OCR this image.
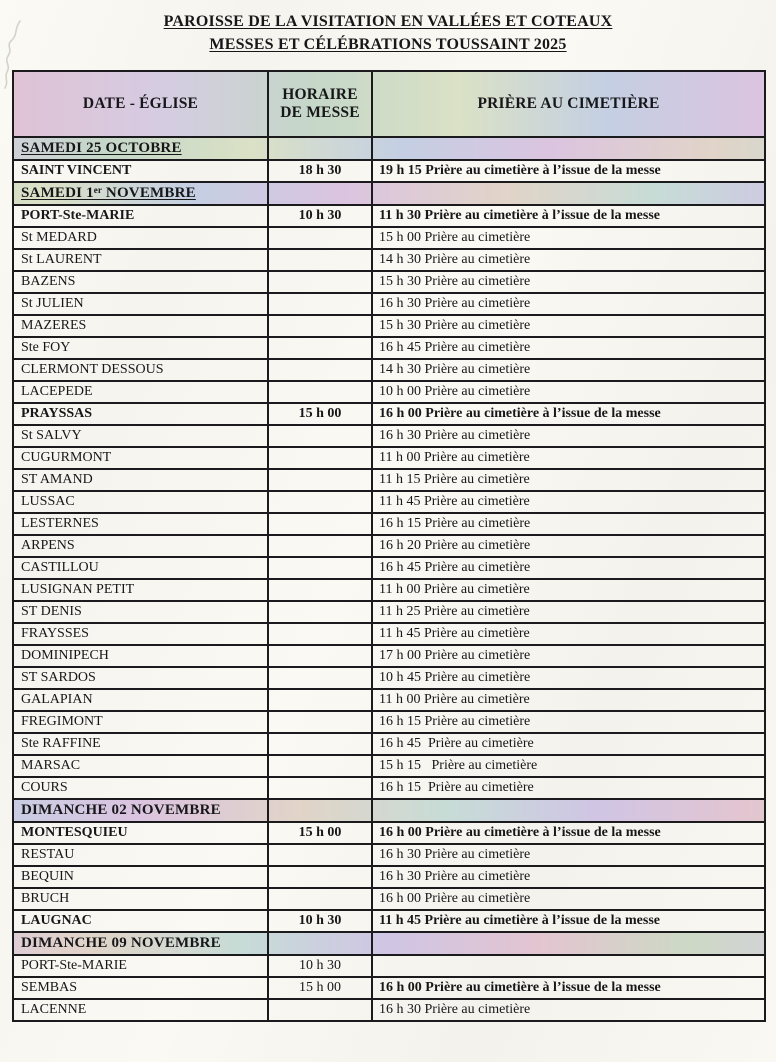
PAROISSE DE LA VISITATION EN VALLÉES ET COTEAUX
MESSES ET CÉLÉBRATIONS TOUSSAINT 2025
DATE - ÉGLISE	HORAIRE DE MESSE	PRIÈRE AU CIMETIÈRE
SAMEDI 25 OCTOBRE		
SAINT VINCENT	18 h 30	19 h 15 Prière au cimetière à l’issue de la messe
SAMEDI 1ᵉʳ NOVEMBRE		
PORT-Ste-MARIE	10 h 30	11 h 30 Prière au cimetière à l’issue de la messe
St MEDARD		15 h 00 Prière au cimetière
St LAURENT		14 h 30 Prière au cimetière
BAZENS		15 h 30 Prière au cimetière
St JULIEN		16 h 30 Prière au cimetière
MAZERES		15 h 30 Prière au cimetière
Ste FOY		16 h 45 Prière au cimetière
CLERMONT DESSOUS		14 h 30 Prière au cimetière
LACEPEDE		10 h 00 Prière au cimetière
PRAYSSAS	15 h 00	16 h 00 Prière au cimetière à l’issue de la messe
St SALVY		16 h 30 Prière au cimetière
CUGURMONT		11 h 00 Prière au cimetière
ST AMAND		11 h 15 Prière au cimetière
LUSSAC		11 h 45 Prière au cimetière
LESTERNES		16 h 15 Prière au cimetière
ARPENS		16 h 20 Prière au cimetière
CASTILLOU		16 h 45 Prière au cimetière
LUSIGNAN PETIT		11 h 00 Prière au cimetière
ST DENIS		11 h 25 Prière au cimetière
FRAYSSES		11 h 45 Prière au cimetière
DOMINIPECH		17 h 00 Prière au cimetière
ST SARDOS		10 h 45 Prière au cimetière
GALAPIAN		11 h 00 Prière au cimetière
FREGIMONT		16 h 15 Prière au cimetière
Ste RAFFINE		16 h 45  Prière au cimetière
MARSAC		15 h 15   Prière au cimetière
COURS		16 h 15  Prière au cimetière
DIMANCHE 02 NOVEMBRE		
MONTESQUIEU	15 h 00	16 h 00 Prière au cimetière à l’issue de la messe
RESTAU		16 h 30 Prière au cimetière
BEQUIN		16 h 30 Prière au cimetière
BRUCH		16 h 00 Prière au cimetière
LAUGNAC	10 h 30	11 h 45 Prière au cimetière à l’issue de la messe
DIMANCHE 09 NOVEMBRE		
PORT-Ste-MARIE	10 h 30	
SEMBAS	15 h 00	16 h 00 Prière au cimetière à l’issue de la messe
LACENNE		16 h 30 Prière au cimetière
